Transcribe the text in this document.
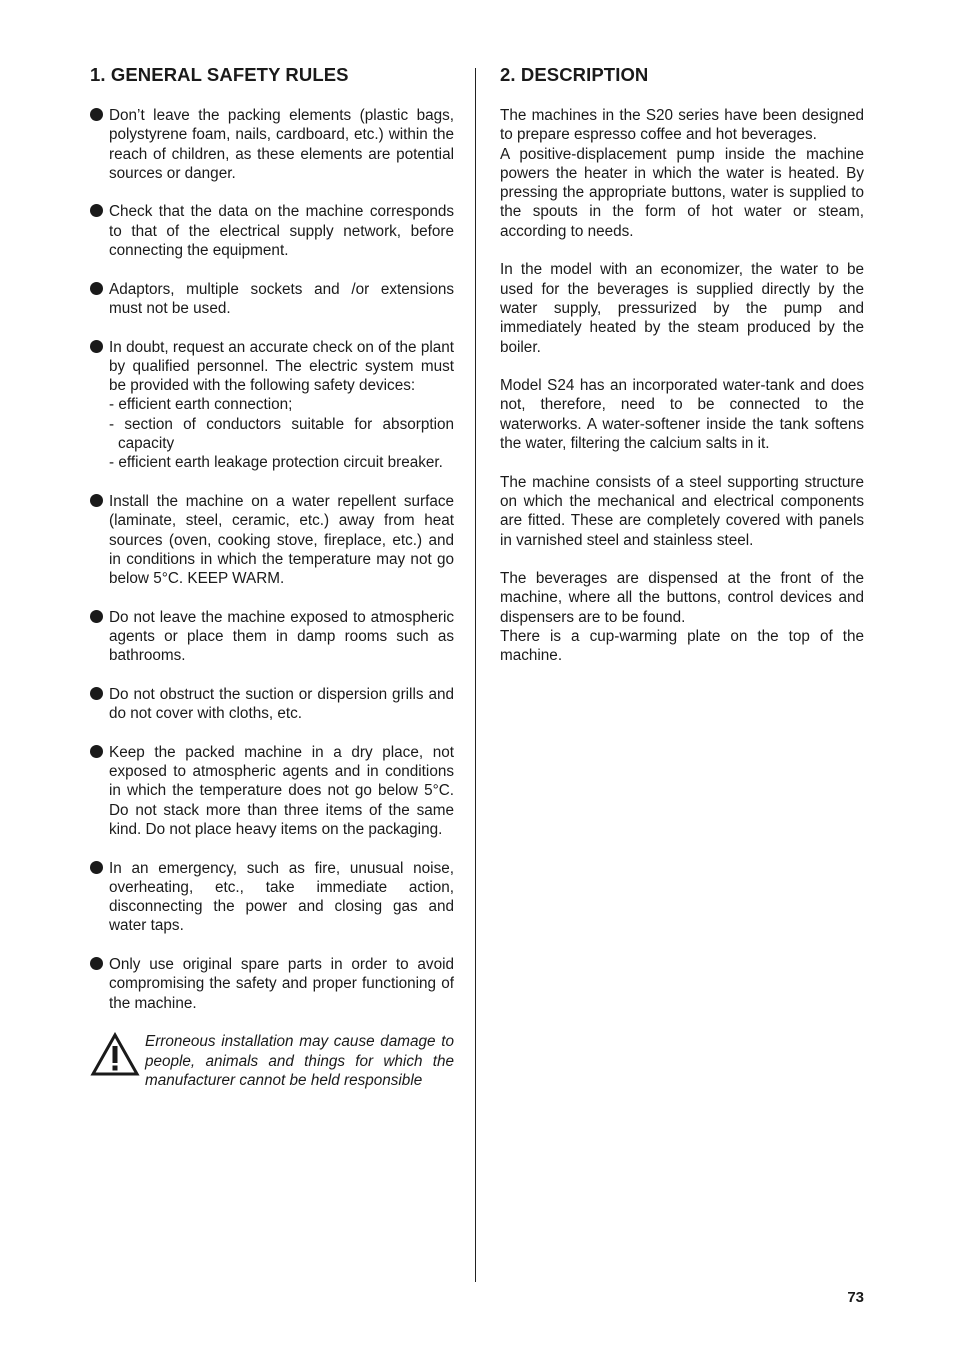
1. GENERAL SAFETY RULES

Don’t leave the packing elements (plastic bags, polystyrene foam, nails, cardboard, etc.) within the reach of children, as these elements are potential sources or danger.

Check that the data on the machine corresponds to that of the electrical supply network, before connecting the equipment.

Adaptors, multiple sockets and /or extensions must not be used.

In doubt, request an accurate check on of the plant by qualified personnel. The electric system must be provided with the following safety devices:

- efficient earth connection;
- section of conductors suitable for absorption capacity
- efficient earth leakage protection circuit breaker.

Install the machine on a water repellent surface (laminate, steel, ceramic, etc.) away from heat sources (oven, cooking stove, fireplace, etc.) and in conditions in which the temperature may not go below 5°C. KEEP WARM.

Do not leave the machine exposed to atmospheric agents or place them in damp rooms such as bathrooms.

Do not obstruct the suction or dispersion grills and do not cover with cloths, etc.

Keep the packed machine in a dry place, not exposed to atmospheric agents and in conditions in which the temperature does not go below 5°C. Do not stack more than three items of the same kind. Do not place heavy items on the packaging.

In an emergency, such as fire, unusual noise, overheating, etc., take immediate action, disconnecting the power and closing gas and water taps.

Only use original spare parts in order to avoid compromising the safety and proper functioning of the machine.

Erroneous installation may cause damage to people, animals and things for which the manufacturer cannot be held responsible

2. DESCRIPTION

The machines in the S20 series have been designed to prepare espresso coffee and hot beverages.

A positive-displacement pump inside the machine powers the heater in which the water is heated. By pressing the appropriate buttons, water is supplied to the spouts in the form of hot water or steam, according to needs.

In the model with an economizer, the water to be used for the beverages is supplied directly by the water supply, pressurized by the pump and immediately heated by the steam produced by the boiler.

Model S24 has an incorporated water-tank and does not, therefore, need to be connected to the waterworks. A water-softener inside the tank softens the water, filtering the calcium salts in it.

The machine consists of a steel supporting structure on which the mechanical and electrical components are fitted. These are completely covered with panels in varnished steel and stainless steel.

The beverages are dispensed at the front of the machine, where all the buttons, control devices and dispensers are to be found.

There is a cup-warming plate on the top of the machine.

73
